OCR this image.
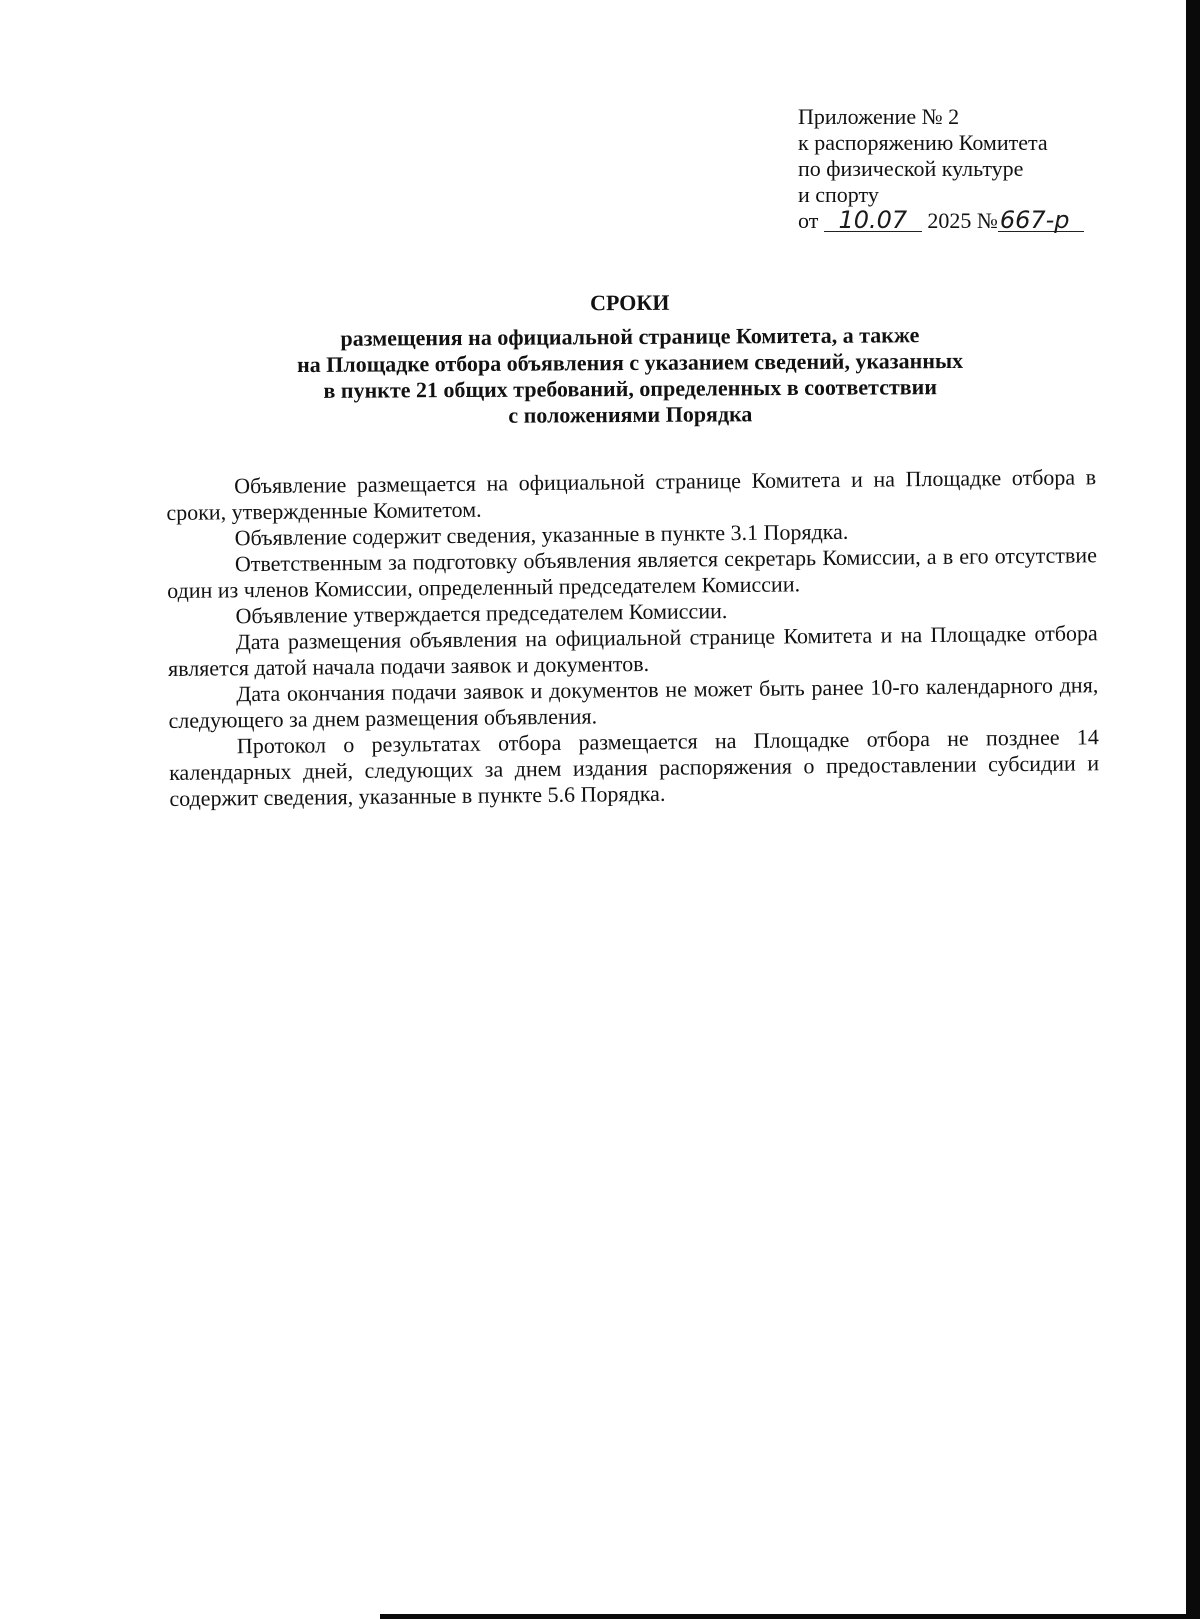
Приложение № 2
к распоряжению Комитета
по физической культуре
и спорту
от 10.07 2025 №667-р
СРОКИ
размещения на официальной странице Комитета, а также
на Площадке отбора объявления с указанием сведений, указанных
в пункте 21 общих требований, определенных в соответствии
с положениями Порядка

Объявление размещается на официальной странице Комитета и на Площадке отбора в сроки, утвержденные Комитетом.

Объявление содержит сведения, указанные в пункте 3.1 Порядка.

Ответственным за подготовку объявления является секретарь Комиссии, а в его отсутствие один из членов Комиссии, определенный председателем Комиссии.

Объявление утверждается председателем Комиссии.

Дата размещения объявления на официальной странице Комитета и на Площадке отбора является датой начала подачи заявок и документов.

Дата окончания подачи заявок и документов не может быть ранее 10-го календарного дня, следующего за днем размещения объявления.

Протокол о результатах отбора размещается на Площадке отбора не позднее 14 календарных дней, следующих за днем издания распоряжения о предоставлении субсидии и содержит сведения, указанные в пункте 5.6 Порядка.
